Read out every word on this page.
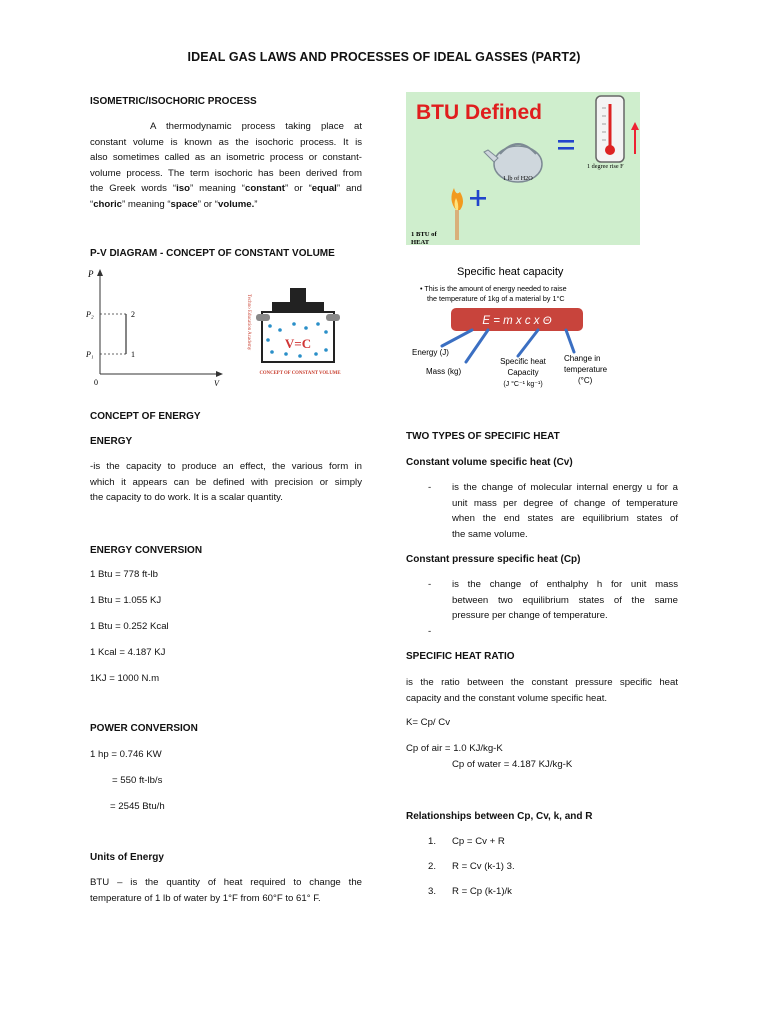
IDEAL GAS LAWS AND PROCESSES OF IDEAL GASSES (PART2)
ISOMETRIC/ISOCHORIC PROCESS
A thermodynamic process taking place at
constant volume is known as the isochoric process. It is
also sometimes called as an isometric process or constant-
volume process. The term isochoric has been derived from
the Greek words “iso” meaning “constant” or “equal” and
“choric” meaning “space” or “volume.”
P-V DIAGRAM - CONCEPT OF CONSTANT VOLUME
P
P₂
P₁
0	V
2
1
Techno Education Academy	V=C
CONCEPT OF CONSTANT VOLUME
CONCEPT OF ENERGY
ENERGY
-is the capacity to produce an effect, the various form in
which it appears can be defined with precision or simply
the capacity to do work. It is a scalar quantity.
ENERGY CONVERSION
1 Btu = 778 ft-lb
1 Btu = 1.055 KJ
1 Btu = 0.252 Kcal
1 Kcal = 4.187 KJ
1KJ = 1000 N.m
POWER CONVERSION
1 hp = 0.746 KW
= 550 ft-lb/s
= 2545 Btu/h
Units of Energy
BTU – is the quantity of heat required to change the
temperature of 1 lb of water by 1°F from 60°F to 61° F.
BTU Defined
1 degree rise F
1 lb of H2O
1 BTU of
HEAT
Specific heat capacity
• This is the amount of energy needed to raise
the temperature of 1kg of a material by 1°C
E = m x c x Θ
Energy (J)
Mass (kg)
Specific heat
Capacity
(J °C⁻¹ kg⁻¹)
Change in
temperature
(°C)
TWO TYPES OF SPECIFIC HEAT
Constant volume specific heat (Cv)
- is the change of molecular internal energy u for a
unit mass per degree of change of temperature
when the end states are equilibrium states of
the same volume.
Constant pressure specific heat (Cp)
- is the change of enthalphy h for unit mass
between two equilibrium states of the same
pressure per change of temperature.
-
SPECIFIC HEAT RATIO
is the ratio between the constant pressure specific heat
capacity and the constant volume specific heat.
K= Cp/ Cv
Cp of air = 1.0 KJ/kg-K
Cp of water = 4.187 KJ/kg-K
Relationships between Cp, Cv, k, and R
1. Cp = Cv + R
2. R = Cv (k-1) 3.
3. R = Cp (k-1)/k
